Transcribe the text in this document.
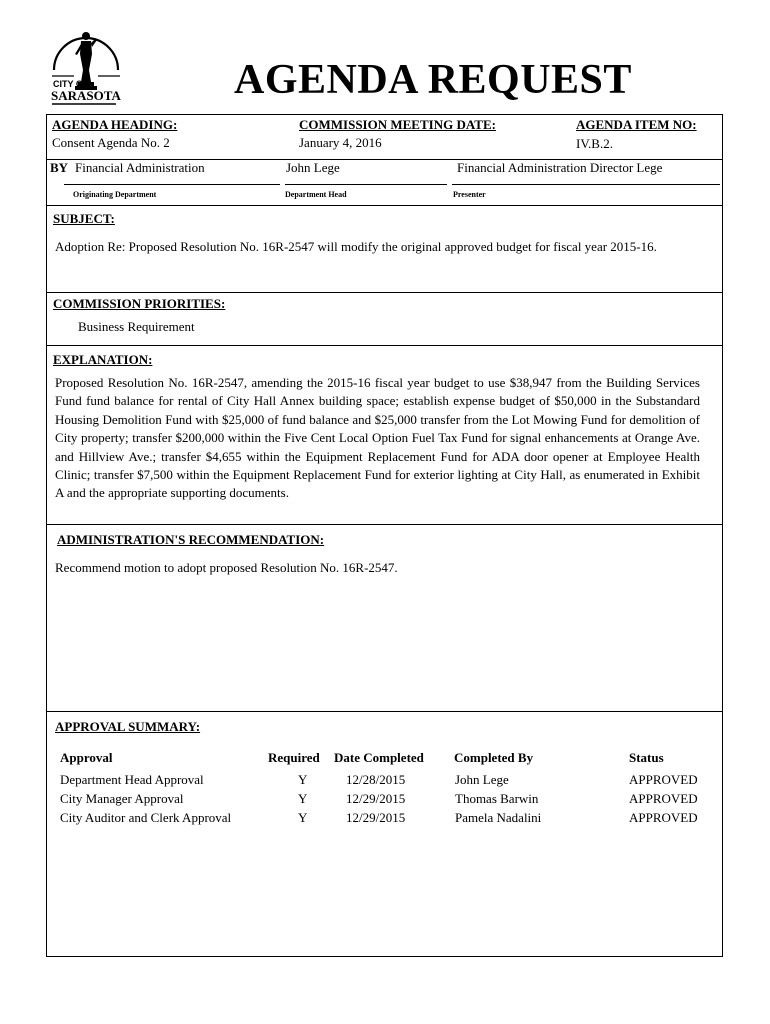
CITY OF
SARASOTA	AGENDA REQUEST
AGENDA HEADING:
Consent Agenda No. 2
COMMISSION MEETING DATE:
January 4, 2016
AGENDA ITEM NO:
IV.B.2.
BY Financial Administration	John Lege	Financial Administration Director Lege
Originating Department	Department Head	Presenter
SUBJECT:
Adoption Re: Proposed Resolution No. 16R-2547 will modify the original approved budget for fiscal year 2015-16.
COMMISSION PRIORITIES:
Business Requirement
EXPLANATION:
Proposed Resolution No. 16R-2547, amending the 2015-16 fiscal year budget to use $38,947 from the Building Services Fund fund balance for rental of City Hall Annex building space; establish expense budget of $50,000 in the Substandard Housing Demolition Fund with $25,000 of fund balance and $25,000 transfer from the Lot Mowing Fund for demolition of City property; transfer $200,000 within the Five Cent Local Option Fuel Tax Fund for signal enhancements at Orange Ave. and Hillview Ave.; transfer $4,655 within the Equipment Replacement Fund for ADA door opener at Employee Health Clinic; transfer $7,500 within the Equipment Replacement Fund for exterior lighting at City Hall, as enumerated in Exhibit A and the appropriate supporting documents.
ADMINISTRATION'S RECOMMENDATION:
Recommend motion to adopt proposed Resolution No. 16R-2547.
APPROVAL SUMMARY:
Approval	Required	Date Completed	Completed By	Status
Department Head Approval	Y	12/28/2015	John Lege	APPROVED
City Manager Approval	Y	12/29/2015	Thomas Barwin	APPROVED
City Auditor and Clerk Approval	Y	12/29/2015	Pamela Nadalini	APPROVED
